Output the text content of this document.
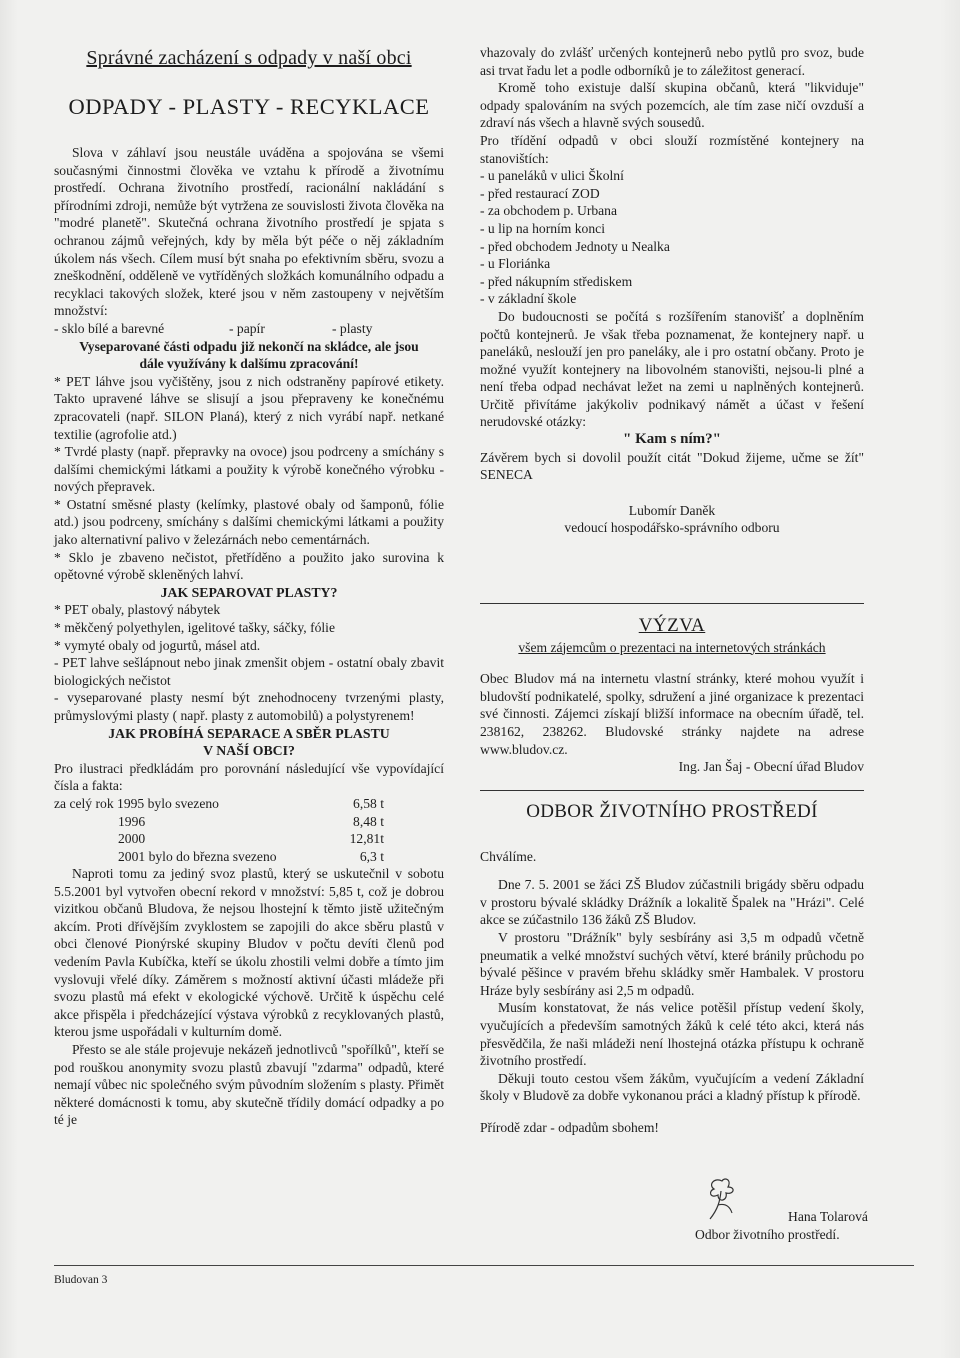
Správné zacházení s odpady v naší obci
ODPADY - PLASTY - RECYKLACE

Slova v záhlaví jsou neustále uváděna a spojována se všemi současnými činnostmi člověka ve vztahu k přírodě a životnímu prostředí. Ochrana životního prostředí, racionální nakládání s přírodními zdroji, nemůže být vytržena ze souvislosti života člověka na "modré planetě". Skutečná ochrana životního prostředí je spjata s ochranou zájmů veřejných, kdy by měla být péče o něj základním úkolem nás všech. Cílem musí být snaha po efektivním sběru, svozu a zneškodnění, odděleně ve vytříděných složkách komunálního odpadu a recyklaci takových složek, které jsou v něm zastoupeny v největším množství:

- sklo bílé a barevné	- papír	- plasty

Vyseparované části odpadu již nekončí na skládce, ale jsou dále využívány k dalšímu zpracování!

* PET láhve jsou vyčištěny, jsou z nich odstraněny papírové etikety. Takto upravené láhve se slisují a jsou přepraveny ke konečnému zpracovateli (např. SILON Planá), který z nich vyrábí např. netkané textilie (agrofolie atd.)

* Tvrdé plasty (např. přepravky na ovoce) jsou podrceny a smíchány s dalšími chemickými látkami a použity k výrobě konečného výrobku - nových přepravek.

* Ostatní směsné plasty (kelímky, plastové obaly od šamponů, fólie atd.) jsou podrceny, smíchány s dalšími chemickými látkami a použity jako alternativní palivo v železárnách nebo cementárnách.

* Sklo je zbaveno nečistot, přetříděno a použito jako surovina k opětovné výrobě skleněných lahví.

JAK SEPAROVAT PLASTY?

* PET obaly, plastový nábytek

* měkčený polyethylen, igelitové tašky, sáčky, fólie

* vymyté obaly od jogurtů, másel atd.

- PET lahve sešlápnout nebo jinak zmenšit objem - ostatní obaly zbavit biologických nečistot

- vyseparované plasty nesmí být znehodnoceny tvrzenými plasty, průmyslovými plasty ( např. plasty z automobilů) a polystyrenem!

JAK PROBÍHÁ SEPARACE A SBĚR PLASTU

V NAŠÍ OBCI?

Pro ilustraci předkládám pro porovnání následující vše vypovídající čísla a fakta:

za celý rok 1995 bylo svezeno	6,58 t
1996	8,48 t
2000	12,81t
2001 bylo do března svezeno	6,3 t

Naproti tomu za jediný svoz plastů, který se uskutečnil v sobotu 5.5.2001 byl vytvořen obecní rekord v množství: 5,85 t, což je dobrou vizitkou občanů Bludova, že nejsou lhostejní k těmto jistě užitečným akcím. Proti dřívějším zvyklostem se zapojili do akce sběru plastů v obci členové Pionýrské skupiny Bludov v počtu devíti členů pod vedením Pavla Kubíčka, kteří se úkolu zhostili velmi dobře a tímto jim vyslovuji vřelé díky. Záměrem s možností aktivní účasti mládeže při svozu plastů má efekt v ekologické výchově. Určitě k úspěchu celé akce přispěla i předcházející výstava výrobků z recyklovaných plastů, kterou jsme uspořádali v kulturním domě.

Přesto se ale stále projevuje nekázeň jednotlivců "spořílků", kteří se pod rouškou anonymity svozu plastů zbavují "zdarma" odpadů, které nemají vůbec nic společného svým původním složením s plasty. Přimět některé domácnosti k tomu, aby skutečně třídily domácí odpadky a po té je

vhazovaly do zvlášť určených kontejnerů nebo pytlů pro svoz, bude asi trvat řadu let a podle odborníků je to záležitost generací.

Kromě toho existuje další skupina občanů, která "likviduje" odpady spalováním na svých pozemcích, ale tím zase ničí ovzduší a zdraví nás všech a hlavně svých sousedů.

Pro třídění odpadů v obci slouží rozmístěné kontejnery na stanovištích:

- u paneláků v ulici Školní

- před restaurací ZOD

- za obchodem p. Urbana

- u lip na horním konci

- před obchodem Jednoty u Nealka

- u Floriánka

- před nákupním střediskem

- v základní škole

Do budoucnosti se počítá s rozšířením stanovišť a doplněním počtů kontejnerů. Je však třeba poznamenat, že kontejnery např. u paneláků, neslouží jen pro paneláky, ale i pro ostatní občany. Proto je možné využít kontejnery na libovolném stanovišti, nejsou-li plné a není třeba odpad nechávat ležet na zemi u naplněných kontejnerů. Určitě přivítáme jakýkoliv podnikavý námět a účast v řešení nerudovské otázky:

" Kam s ním?"

Závěrem bych si dovolil použít citát "Dokud žijeme, učme se žít" SENECA

Lubomír Daněk

vedoucí hospodářsko-správního odboru

VÝZVA

všem zájemcům o prezentaci na internetových stránkách

Obec Bludov má na internetu vlastní stránky, které mohou využít i bludovští podnikatelé, spolky, sdružení a jiné organizace k prezentaci své činnosti. Zájemci získají bližší informace na obecním úřadě, tel. 238162, 238262. Bludovské stránky najdete na adrese www.bludov.cz.

Ing. Jan Šaj - Obecní úřad Bludov

ODBOR ŽIVOTNÍHO PROSTŘEDÍ

Chválíme.

Dne 7. 5. 2001 se žáci ZŠ Bludov zúčastnili brigády sběru odpadu v prostoru bývalé skládky Drážník a lokalitě Špalek na "Hrázi". Celé akce se zúčastnilo 136 žáků ZŠ Bludov.

V prostoru "Drážník" byly sesbírány asi 3,5 m odpadů včetně pneumatik a velké množství suchých větví, které bránily průchodu po bývalé pěšince v pravém břehu skládky směr Hambalek. V prostoru Hráze byly sesbírány asi 2,5 m odpadů.

Musím konstatovat, že nás velice potěšil přístup vedení školy, vyučujících a především samotných žáků k celé této akci, která nás přesvědčila, že naši mládeži není lhostejná otázka přístupu k ochraně životního prostředí.

Děkuji touto cestou všem žákům, vyučujícím a vedení Základní školy v Bludově za dobře vykonanou práci a kladný přístup k přírodě.

Přírodě zdar - odpadům sbohem!

Hana Tolarová
Odbor životního prostředí.
Bludovan 3
